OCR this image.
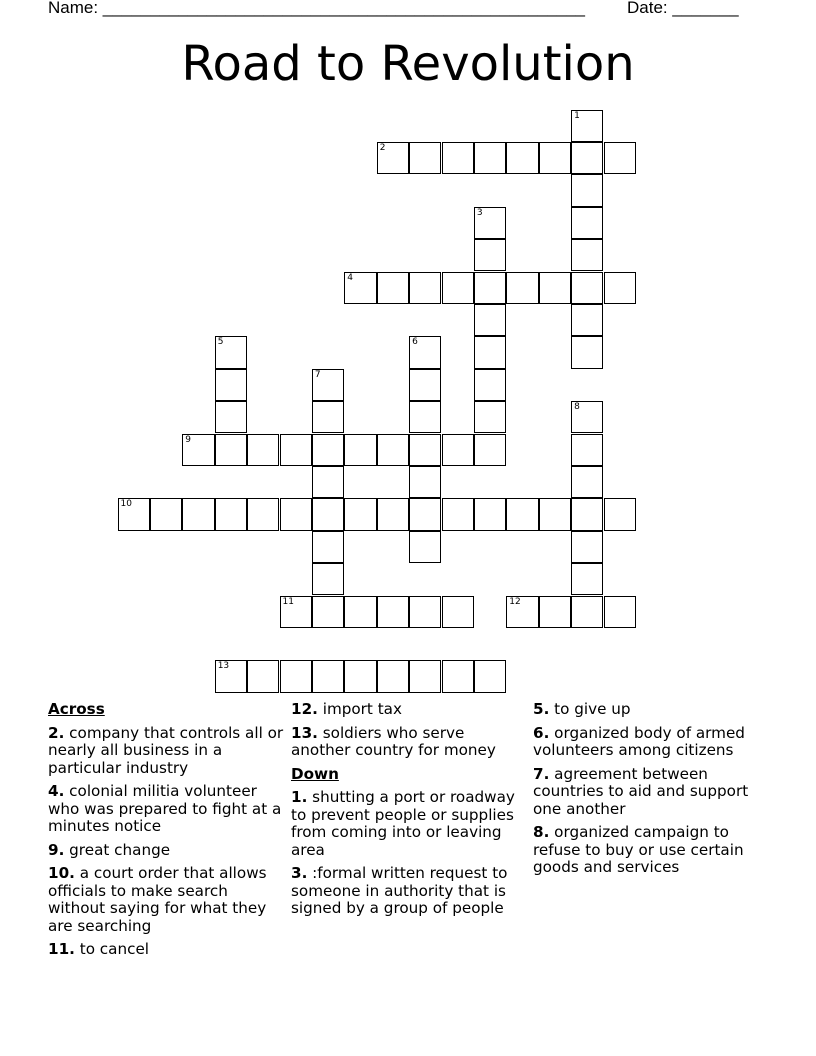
Name: ___________________________________________________ Date: _______
Road to Revolution
1
2
3
4
5	6
7
8
9
10
11	12
13
Across
2. company that controls all or nearly all business in a particular industry
4. colonial militia volunteer who was prepared to fight at a minutes notice
9. great change
10. a court order that allows officials to make search without saying for what they are searching
11. to cancel
12. import tax
13. soldiers who serve another country for money
Down
1. shutting a port or roadway to prevent people or supplies from coming into or leaving area
3. :formal written request to someone in authority that is signed by a group of people
5. to give up
6. organized body of armed volunteers among citizens
7. agreement between countries to aid and support one another
8. organized campaign to refuse to buy or use certain goods and services
